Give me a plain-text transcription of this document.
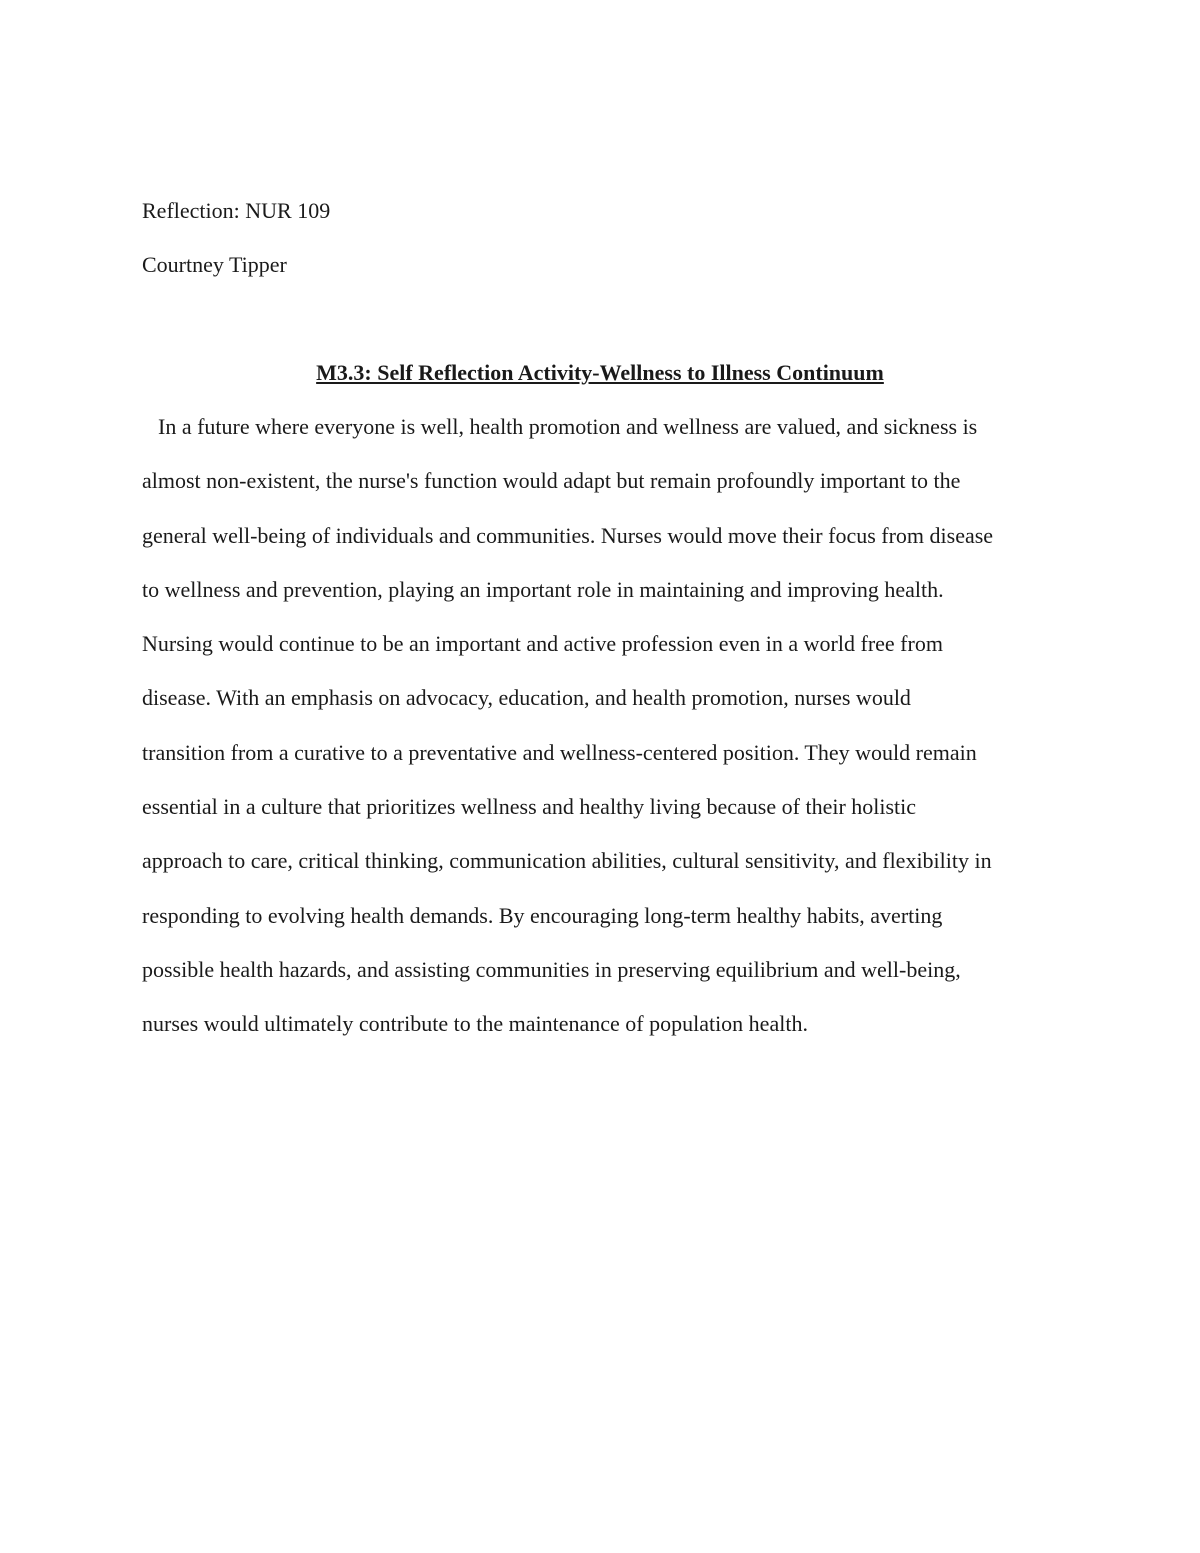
Reflection: NUR 109
Courtney Tipper
M3.3: Self Reflection Activity-Wellness to Illness Continuum
In a future where everyone is well, health promotion and wellness are valued, and sickness is
almost non-existent, the nurse's function would adapt but remain profoundly important to the
general well-being of individuals and communities. Nurses would move their focus from disease
to wellness and prevention, playing an important role in maintaining and improving health.
Nursing would continue to be an important and active profession even in a world free from
disease. With an emphasis on advocacy, education, and health promotion, nurses would
transition from a curative to a preventative and wellness-centered position. They would remain
essential in a culture that prioritizes wellness and healthy living because of their holistic
approach to care, critical thinking, communication abilities, cultural sensitivity, and flexibility in
responding to evolving health demands. By encouraging long-term healthy habits, averting
possible health hazards, and assisting communities in preserving equilibrium and well-being,
nurses would ultimately contribute to the maintenance of population health.
